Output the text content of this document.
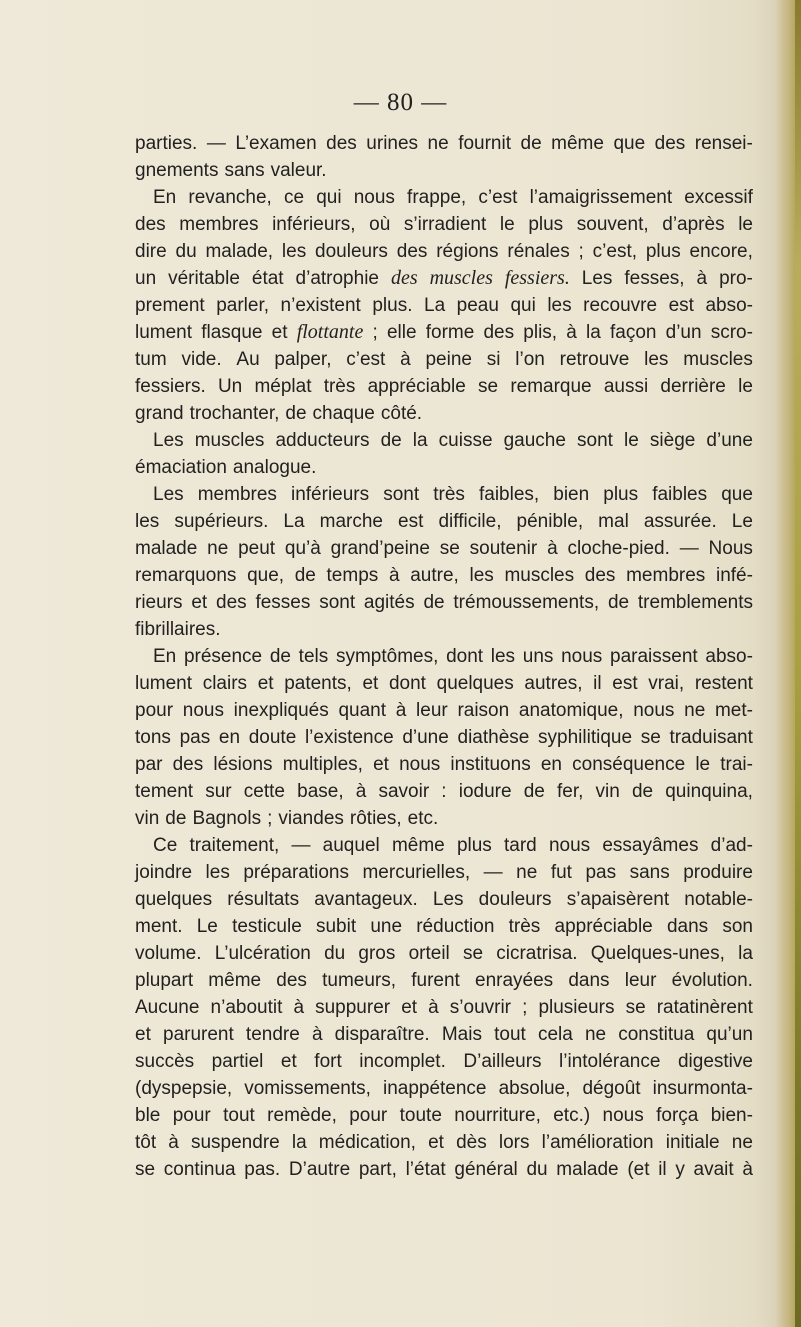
— 80 —
parties. — L’examen des urines ne fournit de même que des rensei-
gnements sans valeur.
En revanche, ce qui nous frappe, c’est l’amaigrissement excessif
des membres inférieurs, où s’irradient le plus souvent, d’après le
dire du malade, les douleurs des régions rénales ; c’est, plus encore,
un véritable état d’atrophie des muscles fessiers. Les fesses, à pro-
prement parler, n’existent plus. La peau qui les recouvre est abso-
lument flasque et flottante ; elle forme des plis, à la façon d’un scro-
tum vide. Au palper, c’est à peine si l’on retrouve les muscles
fessiers. Un méplat très appréciable se remarque aussi derrière le
grand trochanter, de chaque côté.
Les muscles adducteurs de la cuisse gauche sont le siège d’une
émaciation analogue.
Les membres inférieurs sont très faibles, bien plus faibles que
les supérieurs. La marche est difficile, pénible, mal assurée. Le
malade ne peut qu’à grand’peine se soutenir à cloche-pied. — Nous
remarquons que, de temps à autre, les muscles des membres infé-
rieurs et des fesses sont agités de trémoussements, de tremblements
fibrillaires.
En présence de tels symptômes, dont les uns nous paraissent abso-
lument clairs et patents, et dont quelques autres, il est vrai, restent
pour nous inexpliqués quant à leur raison anatomique, nous ne met-
tons pas en doute l’existence d’une diathèse syphilitique se traduisant
par des lésions multiples, et nous instituons en conséquence le trai-
tement sur cette base, à savoir : iodure de fer, vin de quinquina,
vin de Bagnols ; viandes rôties, etc.
Ce traitement, — auquel même plus tard nous essayâmes d’ad-
joindre les préparations mercurielles, — ne fut pas sans produire
quelques résultats avantageux. Les douleurs s’apaisèrent notable-
ment. Le testicule subit une réduction très appréciable dans son
volume. L’ulcération du gros orteil se cicratrisa. Quelques-unes, la
plupart même des tumeurs, furent enrayées dans leur évolution.
Aucune n’aboutit à suppurer et à s’ouvrir ; plusieurs se ratatinèrent
et parurent tendre à disparaître. Mais tout cela ne constitua qu’un
succès partiel et fort incomplet. D’ailleurs l’intolérance digestive
(dyspepsie, vomissements, inappétence absolue, dégoût insurmonta-
ble pour tout remède, pour toute nourriture, etc.) nous força bien-
tôt à suspendre la médication, et dès lors l’amélioration initiale ne
se continua pas. D’autre part, l’état général du malade (et il y avait à
